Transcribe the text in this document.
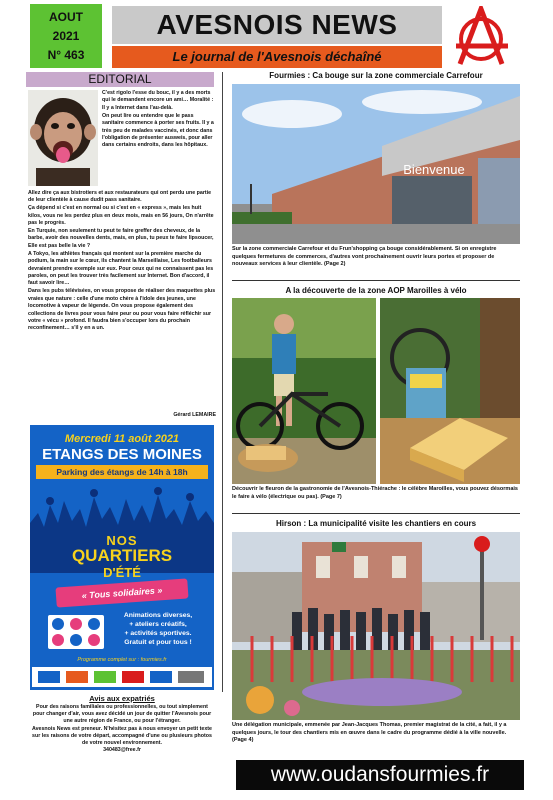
AOUT
2021
N° 463
AVESNOIS NEWS
Le journal de l'Avesnois déchaîné
EDITORIAL

C'est rigolo l'esse du bouc, il y a des morts qui le demandent encore un ami… Moralité : Il y a Internet dans l'au-delà.

On peut lire ou entendre que le pass sanitaire commence à porter ses fruits. Il y a très peu de malades vaccinés, et donc dans l'obligation de présenter ausweis, pour aller dans certains endroits, dans les hôpitaux.

Allez dire ça aux bistrotiers et aux restaurateurs qui ont perdu une partie de leur clientèle à cause dudit pass sanitaire.

Ça dépend si c'est en normal ou si c'est en « express », mais les huit kilos, vous ne les perdez plus en deux mois, mais en 56 jours, On n'arrête pas le progrès.

En Turquie, non seulement tu peut te faire greffer des cheveux, de la barbe, avoir des nouvelles dents, mais, en plus, tu peux te faire lipsoucer, Elle est pas belle la vie ?

A Tokyo, les athlètes français qui montent sur la première marche du podium, la main sur le cœur, ils chantent la Marseillaise, Les footballeurs devraient prendre exemple sur eux. Pour ceux qui ne connaissent pas les paroles, on peut les trouver très facilement sur Internet. Bon d'accord, il faut savoir lire…

Dans les pubs télévisées, on vous propose de réaliser des maquettes plus vraies que nature : celle d'une moto chère à l'idole des jeunes, une locomotive à vapeur de légende. On vous propose également des collections de livres pour vous faire peur ou pour vous faire réfléchir sur votre « vécu » profond. Il faudra bien s'occuper lors du prochain reconfinement… s'il y en a un.

Gérard LEMAIRE
Mercredi 11 août 2021
ETANGS DES MOINES
Parking des étangs de 14h à 18h
NOS
QUARTIERS
D'ÉTÉ
« Tous solidaires »
Animations diverses,
+ ateliers créatifs,
+ activités sportives.
Gratuit et pour tous !
Programme complet sur : fourmies.fr
Avis aux expatriés

Pour des raisons familiales ou professionnelles, ou tout simplement pour changer d'air, vous avez décidé un jour de quitter l'Avesnois pour une autre région de France, ou pour l'étranger.

Avesnois News est preneur. N'hésitez pas à nous envoyer un petit texte sur les raisons de votre départ, accompagné d'une ou plusieurs photos de votre nouvel environnement.

340483@free.fr

Fourmies : Ca bouge sur la zone commerciale Carrefour
Bienvenue
Sur la zone commerciale Carrefour et du Frun'shopping ça bouge considérablement. Si on enregistre quelques fermetures de commerces, d'autres vont prochainement ouvrir leurs portes et proposer de nouveaux services à leur clientèle. (Page 2)
A la découverte de la zone AOP Maroilles à vélo
Découvrir le fleuron de la gastronomie de l'Avesnois-Thiérache : le célèbre Maroilles, vous pouvez désormais le faire à vélo (électrique ou pas). (Page 7)
Hirson : La municipalité visite les chantiers en cours
Une délégation municipale, emmenée par Jean-Jacques Thomas, premier magistrat de la cité, a fait, il y a quelques jours, le tour des chantiers mis en œuvre dans le cadre du programme dédié à la ville nouvelle. (Page 4)
www.oudansfourmies.fr
